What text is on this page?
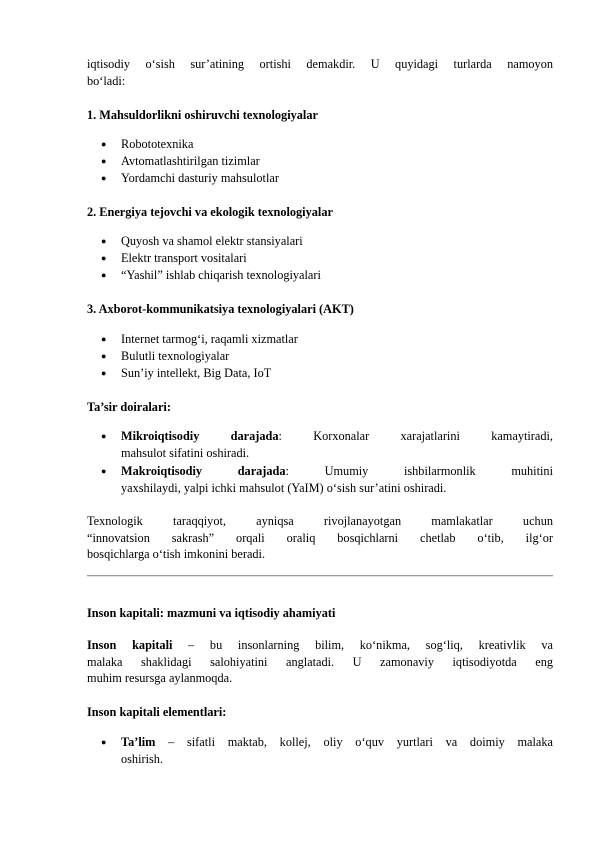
iqtisodiy o‘sish sur’atining ortishi demakdir. U quyidagi turlarda namoyon

bo‘ladi:

1. Mahsuldorlikni oshiruvchi texnologiyalar
● Robototexnika
● Avtomatlashtirilgan tizimlar
● Yordamchi dasturiy mahsulotlar
2. Energiya tejovchi va ekologik texnologiyalar
● Quyosh va shamol elektr stansiyalari
● Elektr transport vositalari
● “Yashil” ishlab chiqarish texnologiyalari
3. Axborot-kommunikatsiya texnologiyalari (AKT)
● Internet tarmog‘i, raqamli xizmatlar
● Bulutli texnologiyalar
● Sun’iy intellekt, Big Data, IoT
Ta’sir doiralari:
● Mikroiqtisodiy darajada: Korxonalar xarajatlarini kamaytiradi,

mahsulot sifatini oshiradi.

● Makroiqtisodiy darajada: Umumiy ishbilarmonlik muhitini

yaxshilaydi, yalpi ichki mahsulot (YaIM) o‘sish sur’atini oshiradi.

Texnologik taraqqiyot, ayniqsa rivojlanayotgan mamlakatlar uchun

“innovatsion sakrash” orqali oraliq bosqichlarni chetlab o‘tib, ilg‘or

bosqichlarga o‘tish imkonini beradi.

Inson kapitali: mazmuni va iqtisodiy ahamiyati

Inson kapitali – bu insonlarning bilim, ko‘nikma, sog‘liq, kreativlik va

malaka shaklidagi salohiyatini anglatadi. U zamonaviy iqtisodiyotda eng

muhim resursga aylanmoqda.

Inson kapitali elementlari:
● Ta’lim – sifatli maktab, kollej, oliy o‘quv yurtlari va doimiy malaka

oshirish.
